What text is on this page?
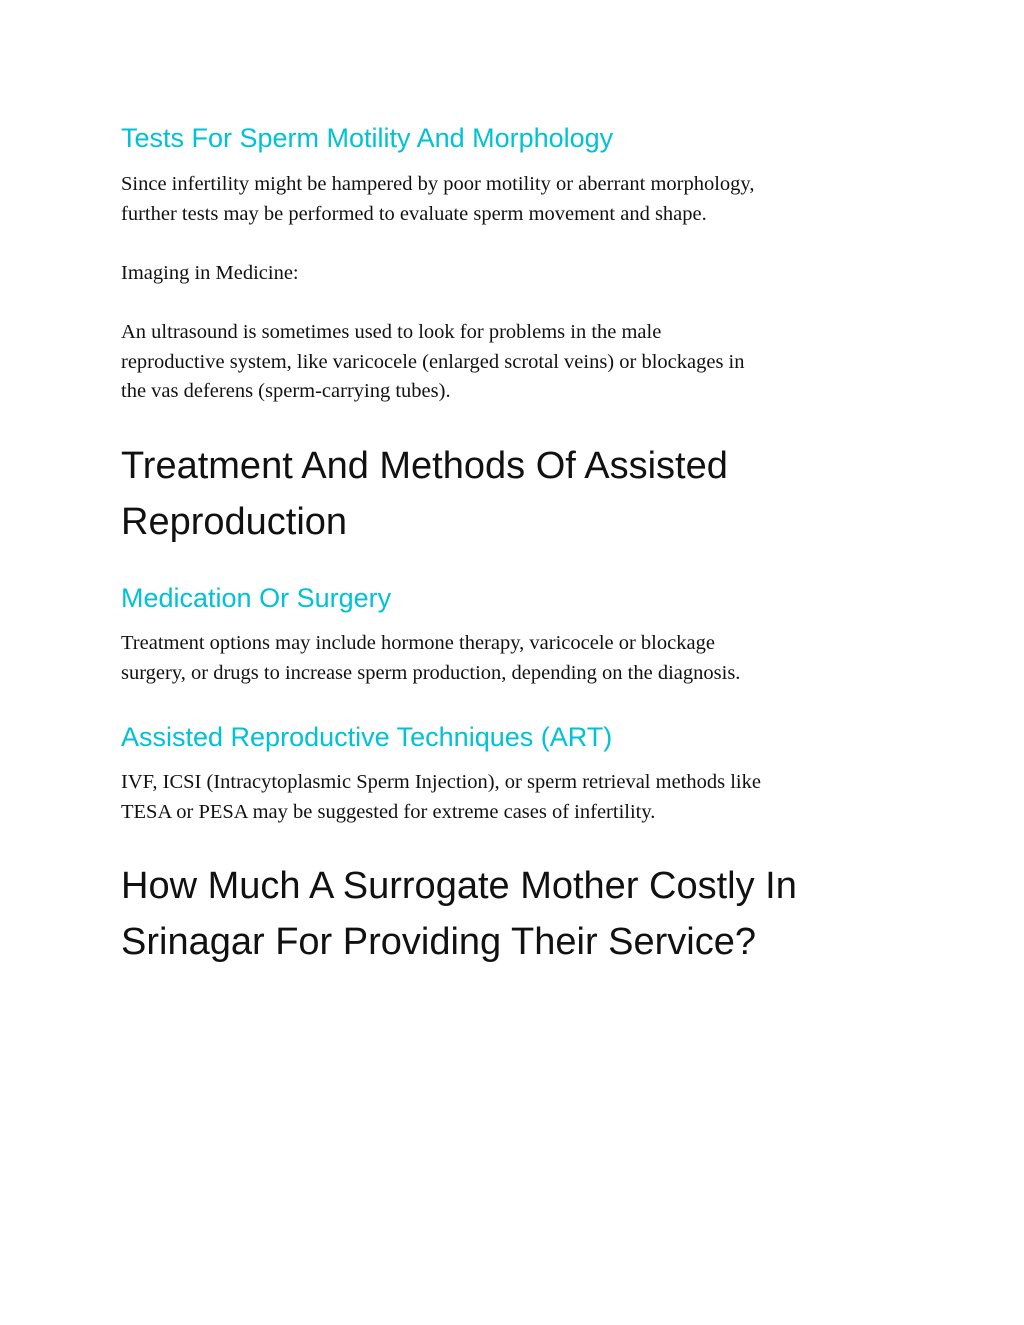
Tests For Sperm Motility And Morphology

Since infertility might be hampered by poor motility or aberrant morphology,
further tests may be performed to evaluate sperm movement and shape.

Imaging in Medicine:

An ultrasound is sometimes used to look for problems in the male
reproductive system, like varicocele (enlarged scrotal veins) or blockages in
the vas deferens (sperm-carrying tubes).

Treatment And Methods Of Assisted
Reproduction
Medication Or Surgery

Treatment options may include hormone therapy, varicocele or blockage
surgery, or drugs to increase sperm production, depending on the diagnosis.

Assisted Reproductive Techniques (ART)

IVF, ICSI (Intracytoplasmic Sperm Injection), or sperm retrieval methods like
TESA or PESA may be suggested for extreme cases of infertility.

How Much A Surrogate Mother Costly In
Srinagar For Providing Their Service?
